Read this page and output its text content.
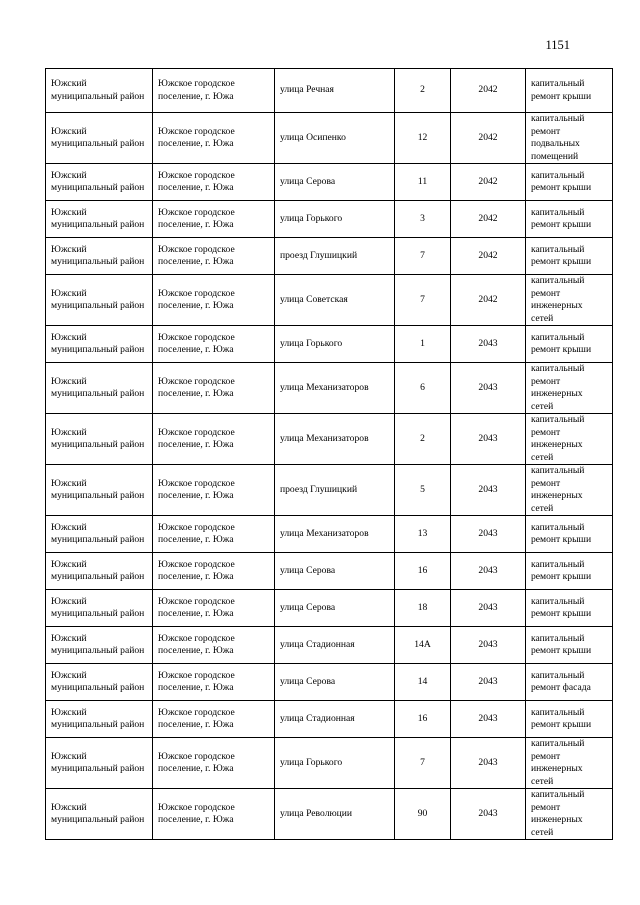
1151
Южский муниципальный район	Южское городское поселение, г. Южа	улица Речная	2	2042	капитальный ремонт крыши
Южский муниципальный район	Южское городское поселение, г. Южа	улица Осипенко	12	2042	капитальный ремонт подвальных помещений
Южский муниципальный район	Южское городское поселение, г. Южа	улица Серова	11	2042	капитальный ремонт крыши
Южский муниципальный район	Южское городское поселение, г. Южа	улица Горького	3	2042	капитальный ремонт крыши
Южский муниципальный район	Южское городское поселение, г. Южа	проезд Глушицкий	7	2042	капитальный ремонт крыши
Южский муниципальный район	Южское городское поселение, г. Южа	улица Советская	7	2042	капитальный ремонт инженерных сетей
Южский муниципальный район	Южское городское поселение, г. Южа	улица Горького	1	2043	капитальный ремонт крыши
Южский муниципальный район	Южское городское поселение, г. Южа	улица Механизаторов	6	2043	капитальный ремонт инженерных сетей
Южский муниципальный район	Южское городское поселение, г. Южа	улица Механизаторов	2	2043	капитальный ремонт инженерных сетей
Южский муниципальный район	Южское городское поселение, г. Южа	проезд Глушицкий	5	2043	капитальный ремонт инженерных сетей
Южский муниципальный район	Южское городское поселение, г. Южа	улица Механизаторов	13	2043	капитальный ремонт крыши
Южский муниципальный район	Южское городское поселение, г. Южа	улица Серова	16	2043	капитальный ремонт крыши
Южский муниципальный район	Южское городское поселение, г. Южа	улица Серова	18	2043	капитальный ремонт крыши
Южский муниципальный район	Южское городское поселение, г. Южа	улица Стадионная	14А	2043	капитальный ремонт крыши
Южский муниципальный район	Южское городское поселение, г. Южа	улица Серова	14	2043	капитальный ремонт фасада
Южский муниципальный район	Южское городское поселение, г. Южа	улица Стадионная	16	2043	капитальный ремонт крыши
Южский муниципальный район	Южское городское поселение, г. Южа	улица Горького	7	2043	капитальный ремонт инженерных сетей
Южский муниципальный район	Южское городское поселение, г. Южа	улица Революции	90	2043	капитальный ремонт инженерных сетей
